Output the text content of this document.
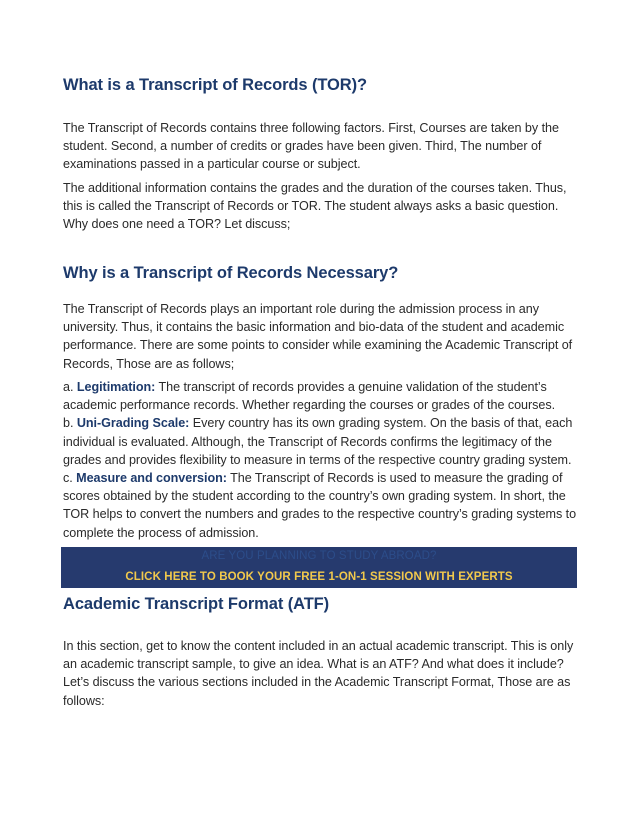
What is a Transcript of Records (TOR)?

The Transcript of Records contains three following factors. First, Courses are taken by the student. Second, a number of credits or grades have been given. Third, The number of examinations passed in a particular course or subject.

The additional information contains the grades and the duration of the courses taken. Thus, this is called the Transcript of Records or TOR. The student always asks a basic question. Why does one need a TOR? Let discuss;

Why is a Transcript of Records Necessary?

The Transcript of Records plays an important role during the admission process in any university. Thus, it contains the basic information and bio-data of the student and academic performance. There are some points to consider while examining the Academic Transcript of Records, Those are as follows;

a. Legitimation: The transcript of records provides a genuine validation of the student’s academic performance records. Whether regarding the courses or grades of the courses.
b. Uni-Grading Scale: Every country has its own grading system. On the basis of that, each individual is evaluated. Although, the Transcript of Records confirms the legitimacy of the grades and provides flexibility to measure in terms of the respective country grading system.
c. Measure and conversion: The Transcript of Records is used to measure the grading of scores obtained by the student according to the country’s own grading system. In short, the TOR helps to convert the numbers and grades to the respective country’s grading systems to complete the process of admission.

ARE YOU PLANNING TO STUDY ABROAD?
CLICK HERE TO BOOK YOUR FREE 1-ON-1 SESSION WITH EXPERTS
Academic Transcript Format (ATF)

In this section, get to know the content included in an actual academic transcript. This is only an academic transcript sample, to give an idea. What is an ATF? And what does it include? Let’s discuss the various sections included in the Academic Transcript Format, Those are as follows:
